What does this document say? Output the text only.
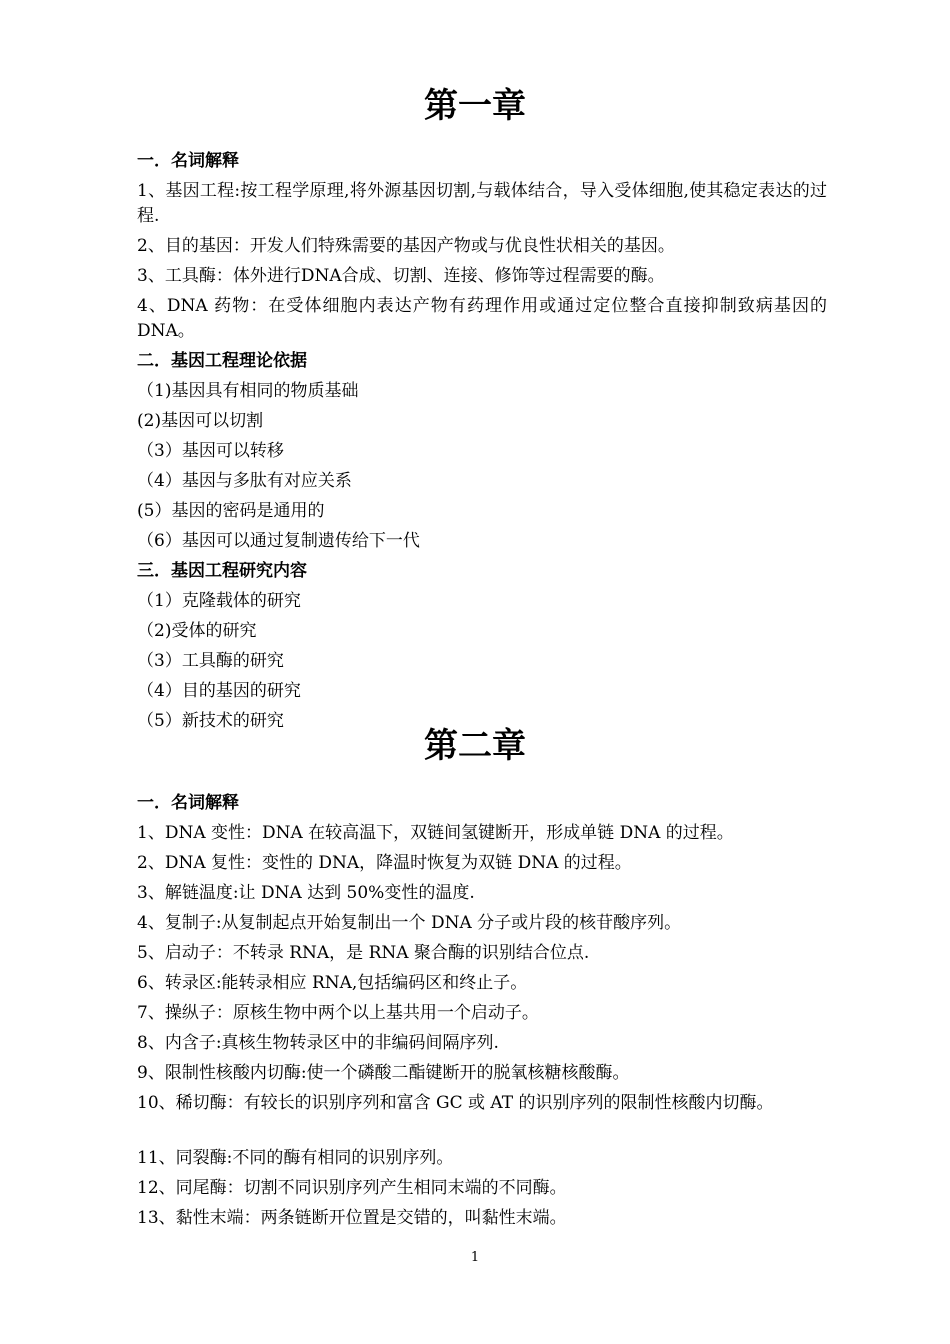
第一章
一．名词解释
1、基因工程:按工程学原理,将外源基因切割,与载体结合，导入受体细胞,使其稳定表达的过程.
2、目的基因：开发人们特殊需要的基因产物或与优良性状相关的基因。
3、工具酶：体外进行DNA合成、切割、连接、修饰等过程需要的酶。
4、DNA 药物：在受体细胞内表达产物有药理作用或通过定位整合直接抑制致病基因的DNA。
二．基因工程理论依据
（1)基因具有相同的物质基础
(2)基因可以切割
（3）基因可以转移
（4）基因与多肽有对应关系
(5）基因的密码是通用的
（6）基因可以通过复制遗传给下一代
三．基因工程研究内容
（1）克隆载体的研究
（2)受体的研究
（3）工具酶的研究
（4）目的基因的研究
（5）新技术的研究
第二章
一．名词解释
1、DNA 变性：DNA 在较高温下，双链间氢键断开，形成单链 DNA 的过程。
2、DNA 复性：变性的 DNA，降温时恢复为双链 DNA 的过程。
3、解链温度:让 DNA 达到 50%变性的温度.
4、复制子:从复制起点开始复制出一个 DNA 分子或片段的核苷酸序列。
5、启动子：不转录 RNA，是 RNA 聚合酶的识别结合位点.
6、转录区:能转录相应 RNA,包括编码区和终止子。
7、操纵子：原核生物中两个以上基共用一个启动子。
8、内含子:真核生物转录区中的非编码间隔序列.
9、限制性核酸内切酶:使一个磷酸二酯键断开的脱氧核糖核酸酶。
10、稀切酶：有较长的识别序列和富含 GC 或 AT 的识别序列的限制性核酸内切酶。
11、同裂酶:不同的酶有相同的识别序列。
12、同尾酶：切割不同识别序列产生相同末端的不同酶。
13、黏性末端：两条链断开位置是交错的，叫黏性末端。
1
